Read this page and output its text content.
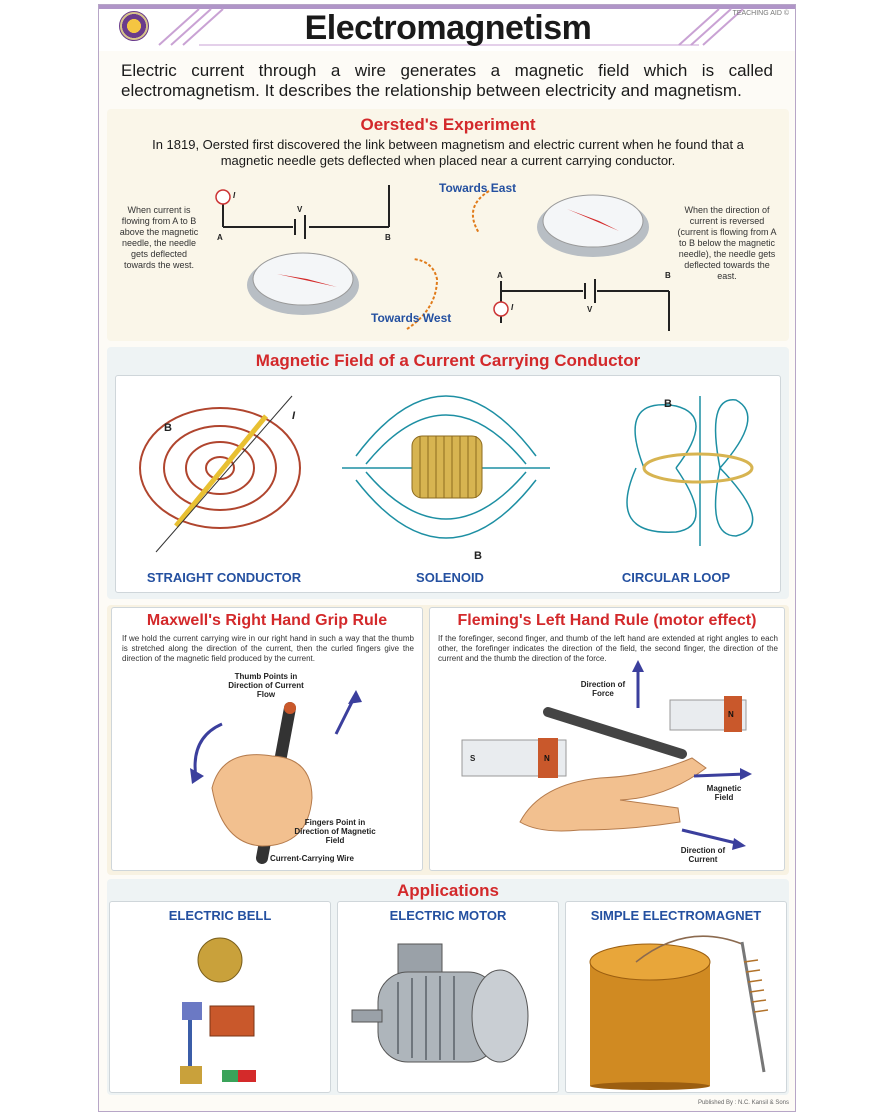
Electromagnetism	TEACHING AID ©
Electric current through a wire generates a magnetic field which is called electromagnetism. It describes the relationship between electricity and magnetism.
Oersted's Experiment
In 1819, Oersted first discovered the link between magnetism and electric current when he found that a magnetic needle gets deflected when placed near a current carrying conductor.
When current is flowing from A to B above the magnetic needle, the needle gets deflected towards the west.
When the direction of current is reversed (current is flowing from A to B below the magnetic needle), the needle gets deflected towards the east.
Towards East
Towards West
A	B
V
I
A	B
V
I
Magnetic Field of a Current Carrying Conductor
B
I
B
B
STRAIGHT CONDUCTOR	SOLENOID	CIRCULAR LOOP
Maxwell's Right Hand Grip Rule
If we hold the current carrying wire in our right hand in such a way that the thumb is stretched along the direction of the current, then the curled fingers give the direction of the magnetic field produced by the current.
Thumb Points in Direction of Current Flow
Fingers Point in Direction of Magnetic Field
Current-Carrying Wire
Fleming's Left Hand Rule (motor effect)
If the forefinger, second finger, and thumb of the left hand are extended at right angles to each other, the forefinger indicates the direction of the field, the second finger, the direction of the current and the thumb the direction of the force.
S	N
N
Direction of Force
Magnetic Field
Direction of Current
Applications
ELECTRIC BELL	ELECTRIC MOTOR	SIMPLE ELECTROMAGNET
Published By : N.C. Kansil & Sons
